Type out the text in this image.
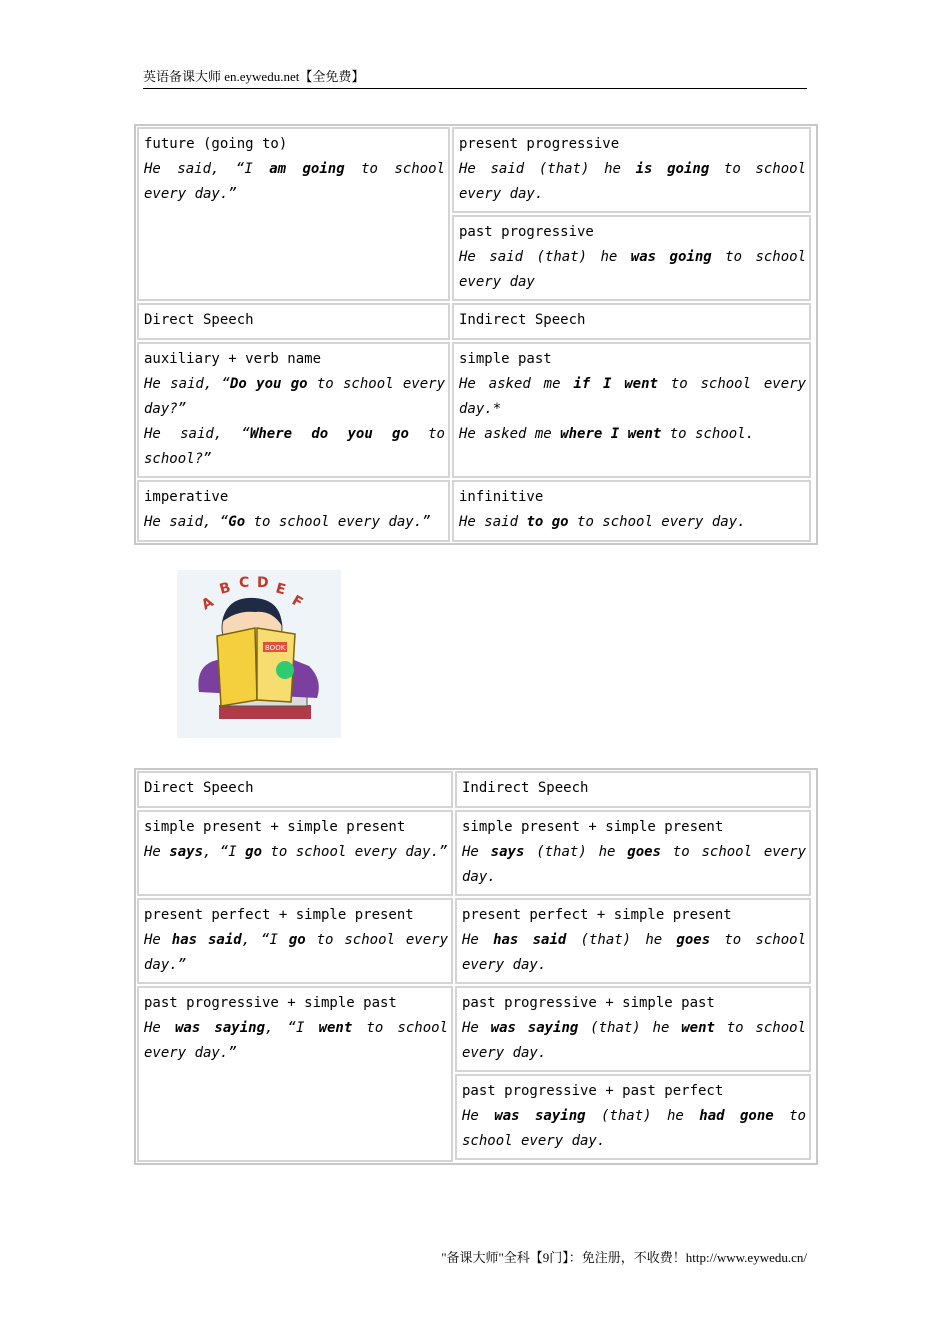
英语备课大师 en.eywedu.net【全免费】
future (going to)
He said, “I am going to school every day.”
present progressive
He said (that) he is going to school every day.
past progressive
He said (that) he was going to school every day
Direct Speech	Indirect Speech
auxiliary + verb name
He said, “Do you go to school every day?”
He said, “Where do you go to school?”
simple past
He asked me if I went to school every day.*
He asked me where I went to school.
imperative
He said, “Go to school every day.”
infinitive
He said to go to school every day.
A
B C D E
F
BOOK
Direct Speech	Indirect Speech
simple present + simple present
He says, “I go to school every day.”
simple present + simple present
He says (that) he goes to school every day.
present perfect + simple present
He has said, “I go to school every day.”
present perfect + simple present
He has said (that) he goes to school every day.
past progressive + simple past
He was saying, “I went to school every day.”
past progressive + simple past
He was saying (that) he went to school every day.
past progressive + past perfect
He was saying (that) he had gone to school every day.
"备课大师"全科【9门】：免注册，不收费！http://www.eywedu.cn/
